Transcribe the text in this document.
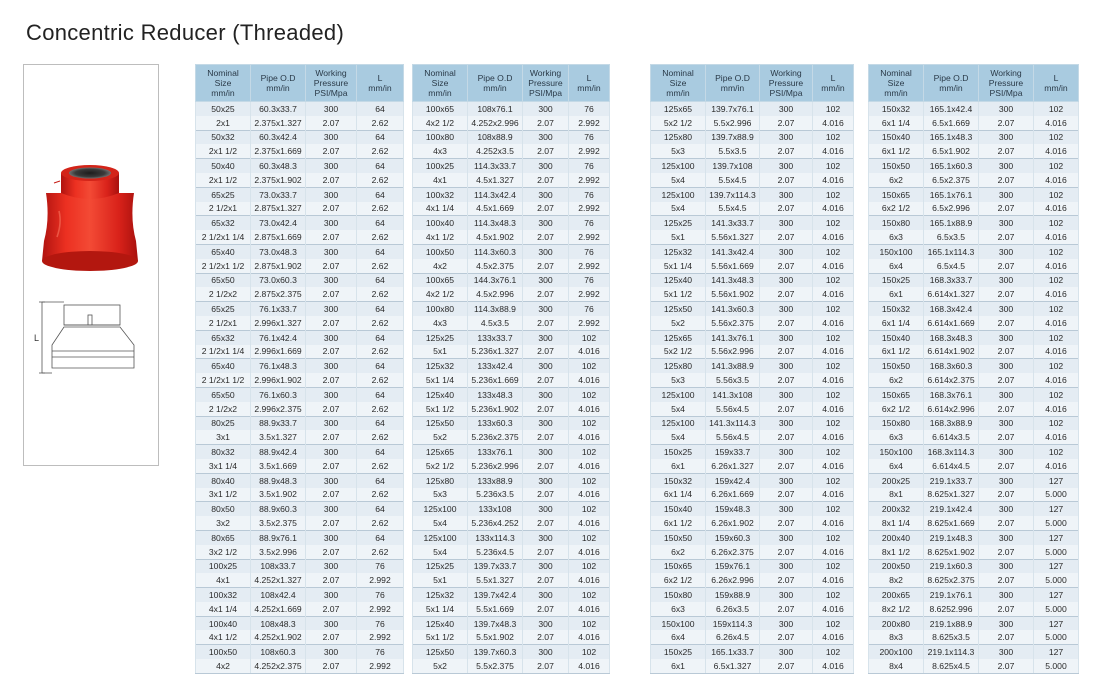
Concentric Reducer (Threaded)
L
Nominal Size
mm/in	Pipe O.D
mm/in	Working
Pressure
PSI/Mpa	L
mm/in
50x25	60.3x33.7	300	64
2x1	2.375x1.327	2.07	2.62
50x32	60.3x42.4	300	64
2x1 1/2	2.375x1.669	2.07	2.62
50x40	60.3x48.3	300	64
2x1 1/2	2.375x1.902	2.07	2.62
65x25	73.0x33.7	300	64
2 1/2x1	2.875x1.327	2.07	2.62
65x32	73.0x42.4	300	64
2 1/2x1 1/4	2.875x1.669	2.07	2.62
65x40	73.0x48.3	300	64
2 1/2x1 1/2	2.875x1.902	2.07	2.62
65x50	73.0x60.3	300	64
2 1/2x2	2.875x2.375	2.07	2.62
65x25	76.1x33.7	300	64
2 1/2x1	2.996x1.327	2.07	2.62
65x32	76.1x42.4	300	64
2 1/2x1 1/4	2.996x1.669	2.07	2.62
65x40	76.1x48.3	300	64
2 1/2x1 1/2	2.996x1.902	2.07	2.62
65x50	76.1x60.3	300	64
2 1/2x2	2.996x2.375	2.07	2.62
80x25	88.9x33.7	300	64
3x1	3.5x1.327	2.07	2.62
80x32	88.9x42.4	300	64
3x1 1/4	3.5x1.669	2.07	2.62
80x40	88.9x48.3	300	64
3x1 1/2	3.5x1.902	2.07	2.62
80x50	88.9x60.3	300	64
3x2	3.5x2.375	2.07	2.62
80x65	88.9x76.1	300	64
3x2 1/2	3.5x2.996	2.07	2.62
100x25	108x33.7	300	76
4x1	4.252x1.327	2.07	2.992
100x32	108x42.4	300	76
4x1 1/4	4.252x1.669	2.07	2.992
100x40	108x48.3	300	76
4x1 1/2	4.252x1.902	2.07	2.992
100x50	108x60.3	300	76
4x2	4.252x2.375	2.07	2.992
Nominal Size
mm/in	Pipe O.D
mm/in	Working
Pressure
PSI/Mpa	L
mm/in
100x65	108x76.1	300	76
4x2 1/2	4.252x2.996	2.07	2.992
100x80	108x88.9	300	76
4x3	4.252x3.5	2.07	2.992
100x25	114.3x33.7	300	76
4x1	4.5x1.327	2.07	2.992
100x32	114.3x42.4	300	76
4x1 1/4	4.5x1.669	2.07	2.992
100x40	114.3x48.3	300	76
4x1 1/2	4.5x1.902	2.07	2.992
100x50	114.3x60.3	300	76
4x2	4.5x2.375	2.07	2.992
100x65	144.3x76.1	300	76
4x2 1/2	4.5x2.996	2.07	2.992
100x80	114.3x88.9	300	76
4x3	4.5x3.5	2.07	2.992
125x25	133x33.7	300	102
5x1	5.236x1.327	2.07	4.016
125x32	133x42.4	300	102
5x1 1/4	5.236x1.669	2.07	4.016
125x40	133x48.3	300	102
5x1 1/2	5.236x1.902	2.07	4.016
125x50	133x60.3	300	102
5x2	5.236x2.375	2.07	4.016
125x65	133x76.1	300	102
5x2 1/2	5.236x2.996	2.07	4.016
125x80	133x88.9	300	102
5x3	5.236x3.5	2.07	4.016
125x100	133x108	300	102
5x4	5.236x4.252	2.07	4.016
125x100	133x114.3	300	102
5x4	5.236x4.5	2.07	4.016
125x25	139.7x33.7	300	102
5x1	5.5x1.327	2.07	4.016
125x32	139.7x42.4	300	102
5x1 1/4	5.5x1.669	2.07	4.016
125x40	139.7x48.3	300	102
5x1 1/2	5.5x1.902	2.07	4.016
125x50	139.7x60.3	300	102
5x2	5.5x2.375	2.07	4.016
Nominal Size
mm/in	Pipe O.D
mm/in	Working
Pressure
PSI/Mpa	L
mm/in
125x65	139.7x76.1	300	102
5x2 1/2	5.5x2.996	2.07	4.016
125x80	139.7x88.9	300	102
5x3	5.5x3.5	2.07	4.016
125x100	139.7x108	300	102
5x4	5.5x4.5	2.07	4.016
125x100	139.7x114.3	300	102
5x4	5.5x4.5	2.07	4.016
125x25	141.3x33.7	300	102
5x1	5.56x1.327	2.07	4.016
125x32	141.3x42.4	300	102
5x1 1/4	5.56x1.669	2.07	4.016
125x40	141.3x48.3	300	102
5x1 1/2	5.56x1.902	2.07	4.016
125x50	141.3x60.3	300	102
5x2	5.56x2.375	2.07	4.016
125x65	141.3x76.1	300	102
5x2 1/2	5.56x2.996	2.07	4.016
125x80	141.3x88.9	300	102
5x3	5.56x3.5	2.07	4.016
125x100	141.3x108	300	102
5x4	5.56x4.5	2.07	4.016
125x100	141.3x114.3	300	102
5x4	5.56x4.5	2.07	4.016
150x25	159x33.7	300	102
6x1	6.26x1.327	2.07	4.016
150x32	159x42.4	300	102
6x1 1/4	6.26x1.669	2.07	4.016
150x40	159x48.3	300	102
6x1 1/2	6.26x1.902	2.07	4.016
150x50	159x60.3	300	102
6x2	6.26x2.375	2.07	4.016
150x65	159x76.1	300	102
6x2 1/2	6.26x2.996	2.07	4.016
150x80	159x88.9	300	102
6x3	6.26x3.5	2.07	4.016
150x100	159x114.3	300	102
6x4	6.26x4.5	2.07	4.016
150x25	165.1x33.7	300	102
6x1	6.5x1.327	2.07	4.016
Nominal Size
mm/in	Pipe O.D
mm/in	Working
Pressure
PSI/Mpa	L
mm/in
150x32	165.1x42.4	300	102
6x1 1/4	6.5x1.669	2.07	4.016
150x40	165.1x48.3	300	102
6x1 1/2	6.5x1.902	2.07	4.016
150x50	165.1x60.3	300	102
6x2	6.5x2.375	2.07	4.016
150x65	165.1x76.1	300	102
6x2 1/2	6.5x2.996	2.07	4.016
150x80	165.1x88.9	300	102
6x3	6.5x3.5	2.07	4.016
150x100	165.1x114.3	300	102
6x4	6.5x4.5	2.07	4.016
150x25	168.3x33.7	300	102
6x1	6.614x1.327	2.07	4.016
150x32	168.3x42.4	300	102
6x1 1/4	6.614x1.669	2.07	4.016
150x40	168.3x48.3	300	102
6x1 1/2	6.614x1.902	2.07	4.016
150x50	168.3x60.3	300	102
6x2	6.614x2.375	2.07	4.016
150x65	168.3x76.1	300	102
6x2 1/2	6.614x2.996	2.07	4.016
150x80	168.3x88.9	300	102
6x3	6.614x3.5	2.07	4.016
150x100	168.3x114.3	300	102
6x4	6.614x4.5	2.07	4.016
200x25	219.1x33.7	300	127
8x1	8.625x1.327	2.07	5.000
200x32	219.1x42.4	300	127
8x1 1/4	8.625x1.669	2.07	5.000
200x40	219.1x48.3	300	127
8x1 1/2	8.625x1.902	2.07	5.000
200x50	219.1x60.3	300	127
8x2	8.625x2.375	2.07	5.000
200x65	219.1x76.1	300	127
8x2 1/2	8.6252.996	2.07	5.000
200x80	219.1x88.9	300	127
8x3	8.625x3.5	2.07	5.000
200x100	219.1x114.3	300	127
8x4	8.625x4.5	2.07	5.000
